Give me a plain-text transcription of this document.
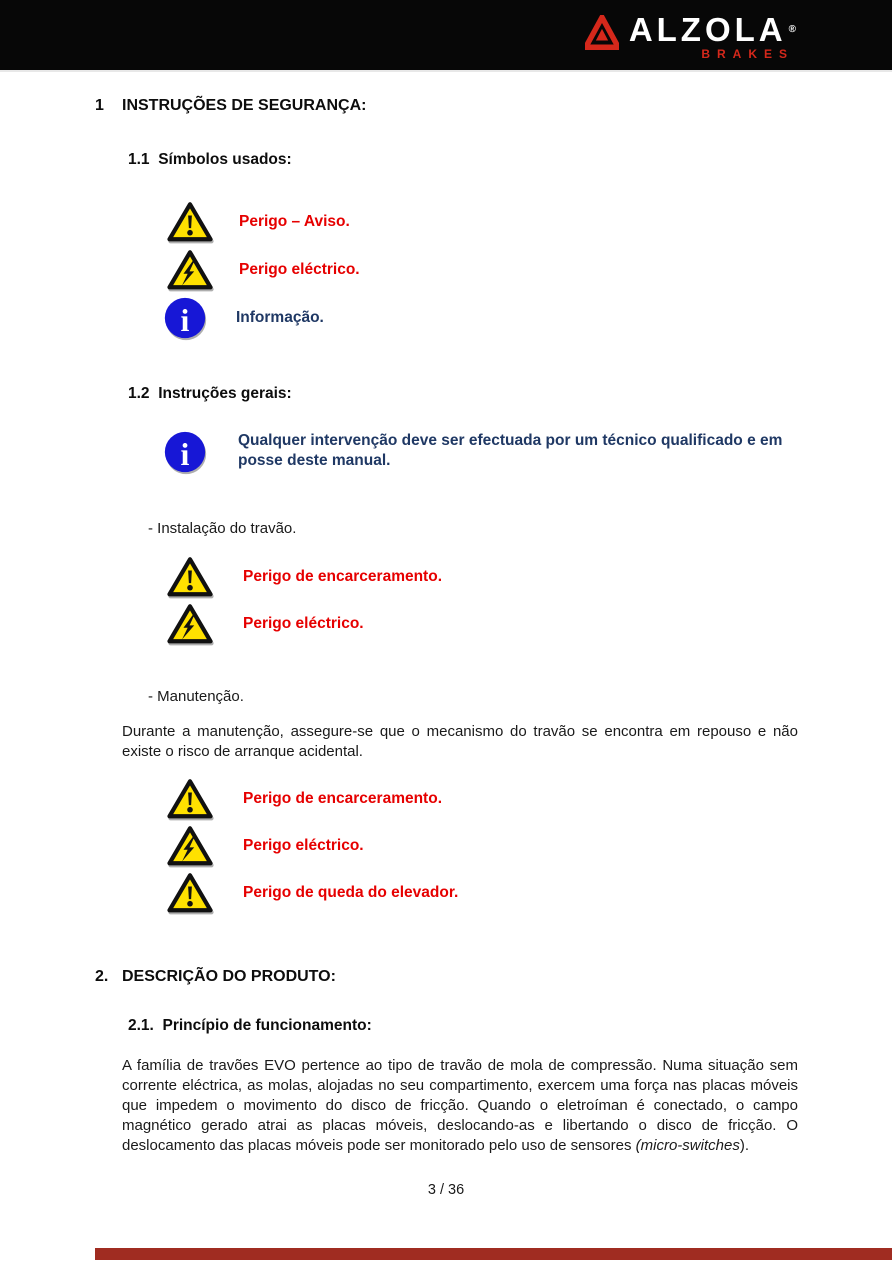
ALZOLA ®
BRAKES
1 INSTRUÇÕES DE SEGURANÇA:
1.1 Símbolos usados:
Perigo – Aviso.
Perigo eléctrico.
Informação.
1.2 Instruções gerais:
Qualquer intervenção deve ser efectuada por um técnico qualificado e em posse deste manual.
- Instalação do travão.
Perigo de encarceramento.
Perigo eléctrico.
- Manutenção.
Durante a manutenção, assegure-se que o mecanismo do travão se encontra em repouso e não existe o risco de arranque acidental.
Perigo de encarceramento.
Perigo eléctrico.
Perigo de queda do elevador.
2. DESCRIÇÃO DO PRODUTO:
2.1. Princípio de funcionamento:
A família de travões EVO pertence ao tipo de travão de mola de compressão. Numa situação sem corrente eléctrica, as molas, alojadas no seu compartimento, exercem uma força nas placas móveis que impedem o movimento do disco de fricção. Quando o eletroíman é conectado, o campo magnético gerado atrai as placas móveis, deslocando-as e libertando o disco de fricção. O deslocamento das placas móveis pode ser monitorado pelo uso de sensores (micro-switches).
3 / 36
